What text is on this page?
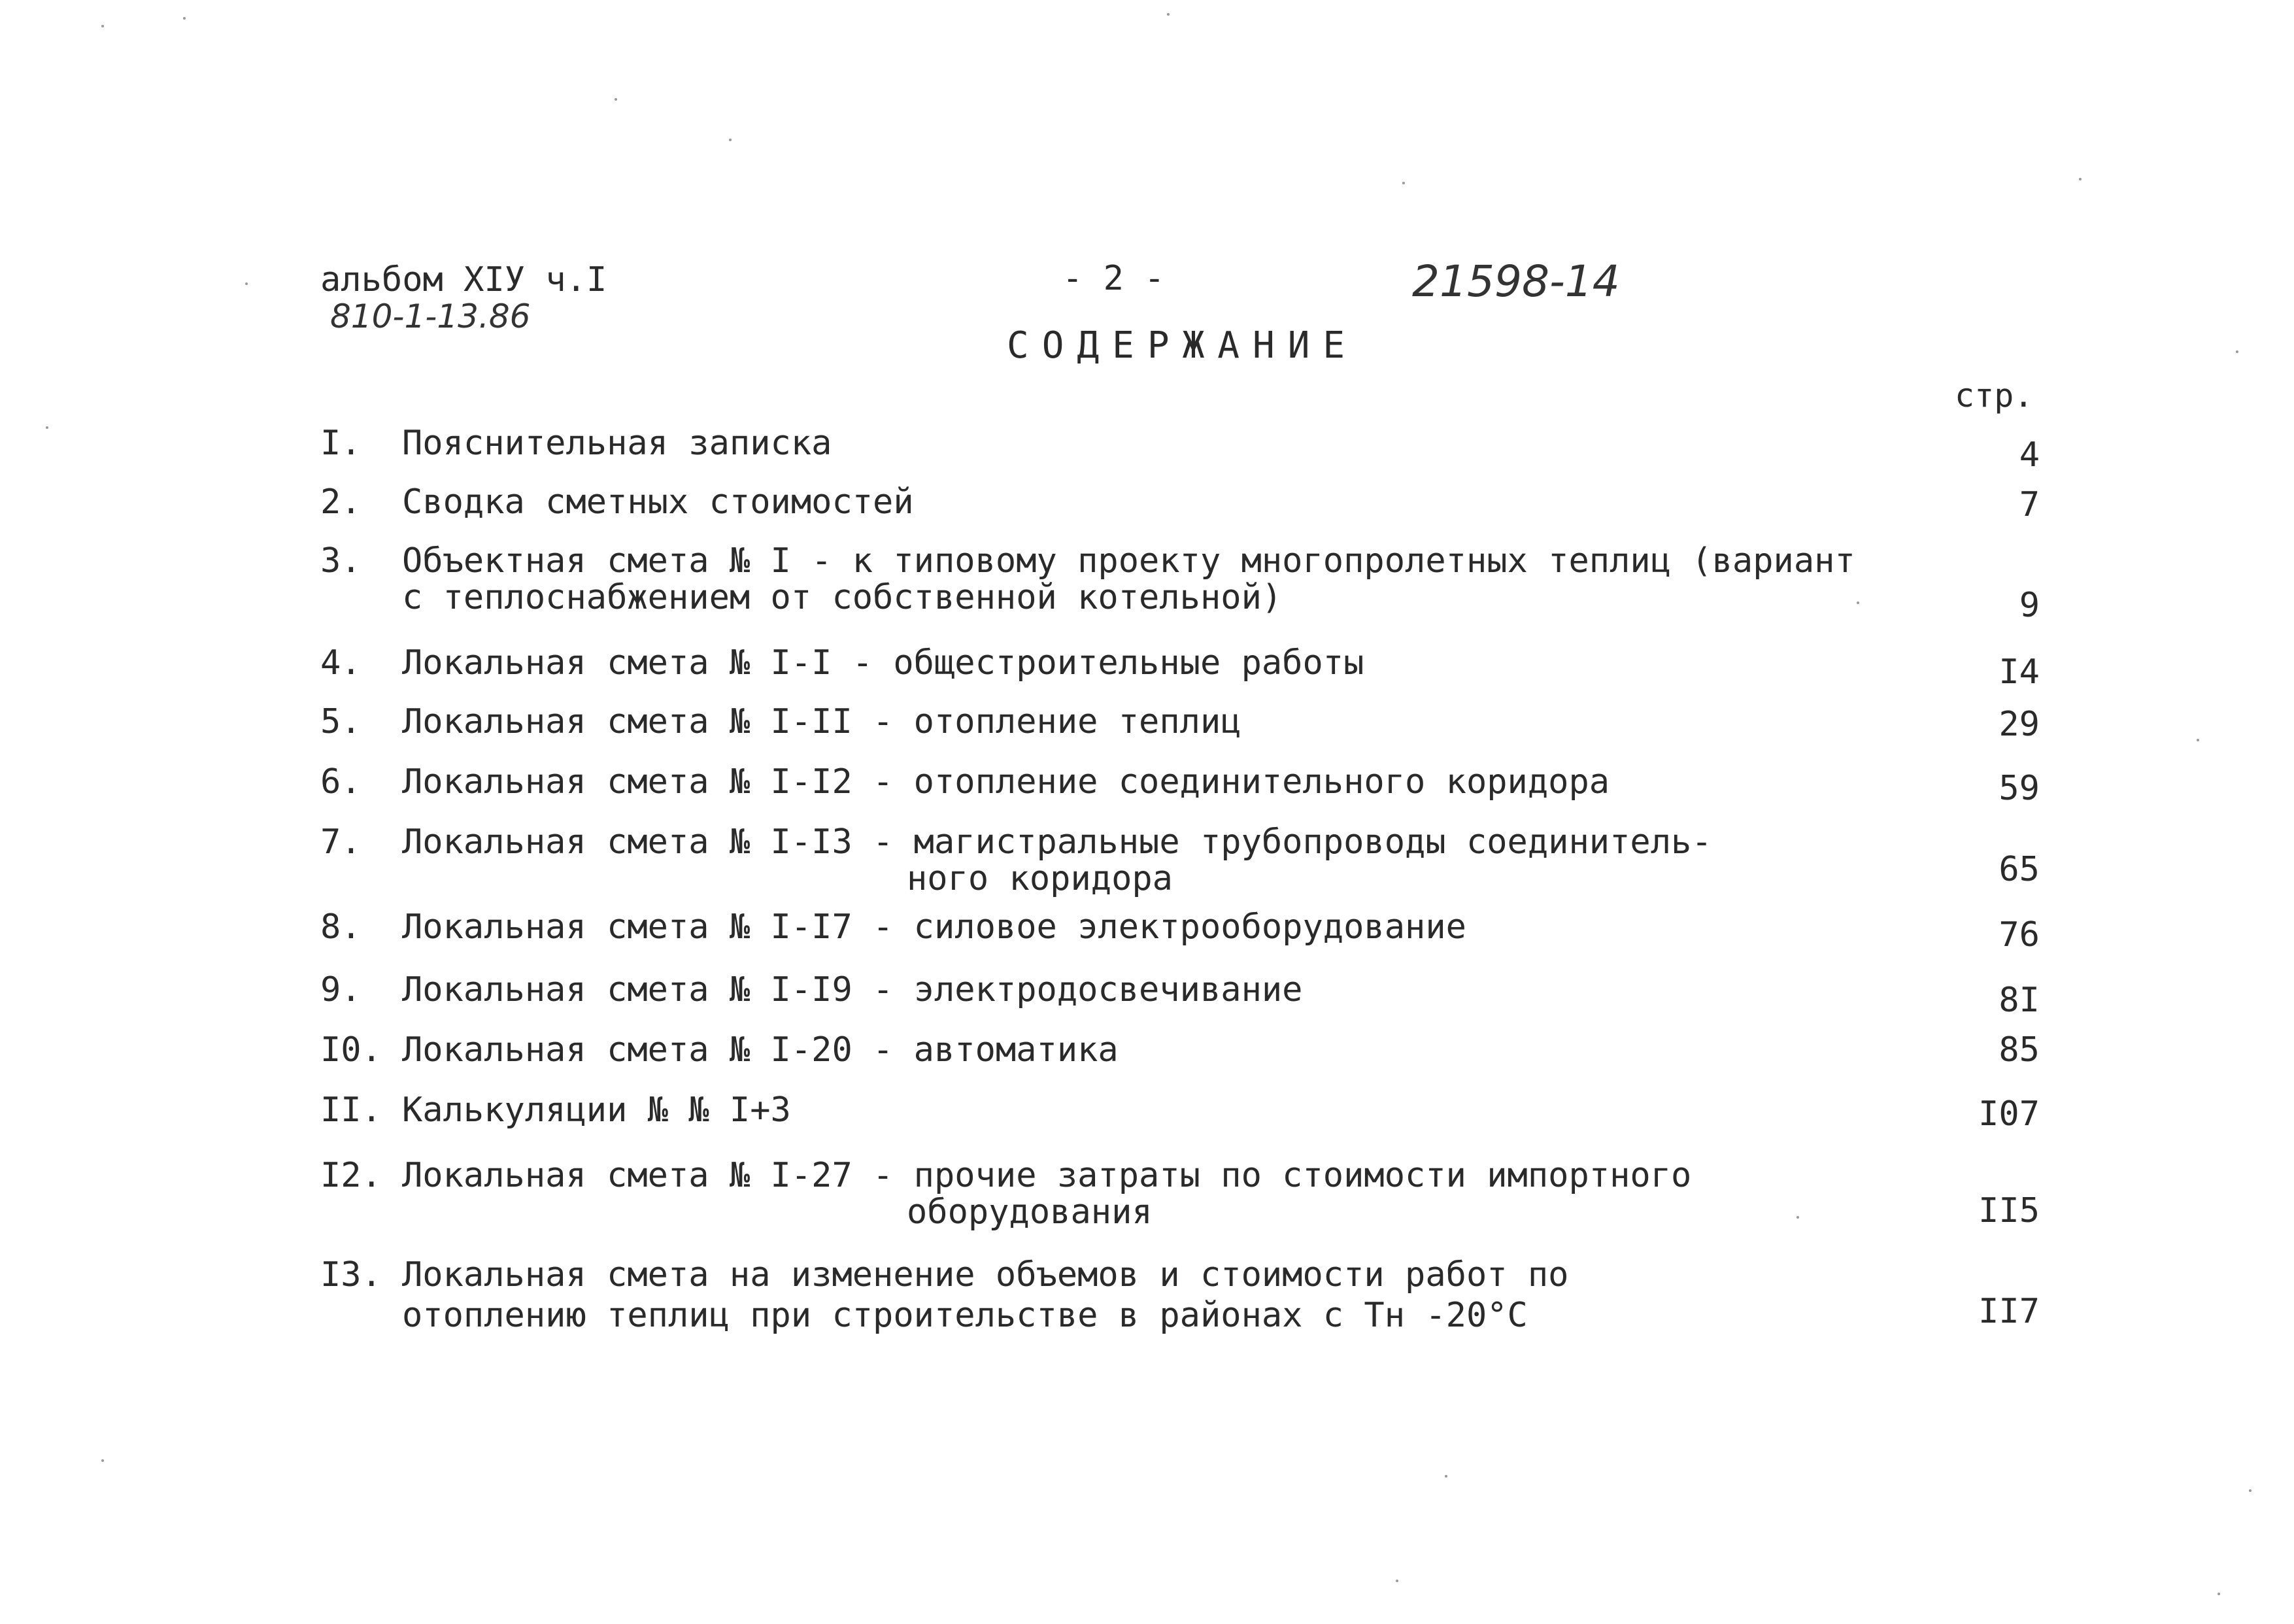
альбом ХIУ ч.I
810-1-13.86
- 2 -	21598-14
СОДЕРЖАНИЕ
стр.
I. Пояснительная записка	4
2. Сводка сметных стоимостей	7
3. Объектная смета № I - к типовому проекту многопролетных теплиц (вариант
с теплоснабжением от собственной котельной)	9
4. Локальная смета № I-I - общестроительные работы	I4
5. Локальная смета № I-II - отопление теплиц	29
6. Локальная смета № I-I2 - отопление соединительного коридора	59
7. Локальная смета № I-I3 - магистральные трубопроводы соединитель-
ного коридора	65
8. Локальная смета № I-I7 - силовое электрооборудование	76
9. Локальная смета № I-I9 - электродосвечивание	8I
I0. Локальная смета № I-20 - автоматика	85
II. Калькуляции № № I+3	I07
I2. Локальная смета № I-27 - прочие затраты по стоимости импортного
оборудования	II5
I3. Локальная смета на изменение объемов и стоимости работ по
отоплению теплиц при строительстве в районах с Тн -20°С	II7
